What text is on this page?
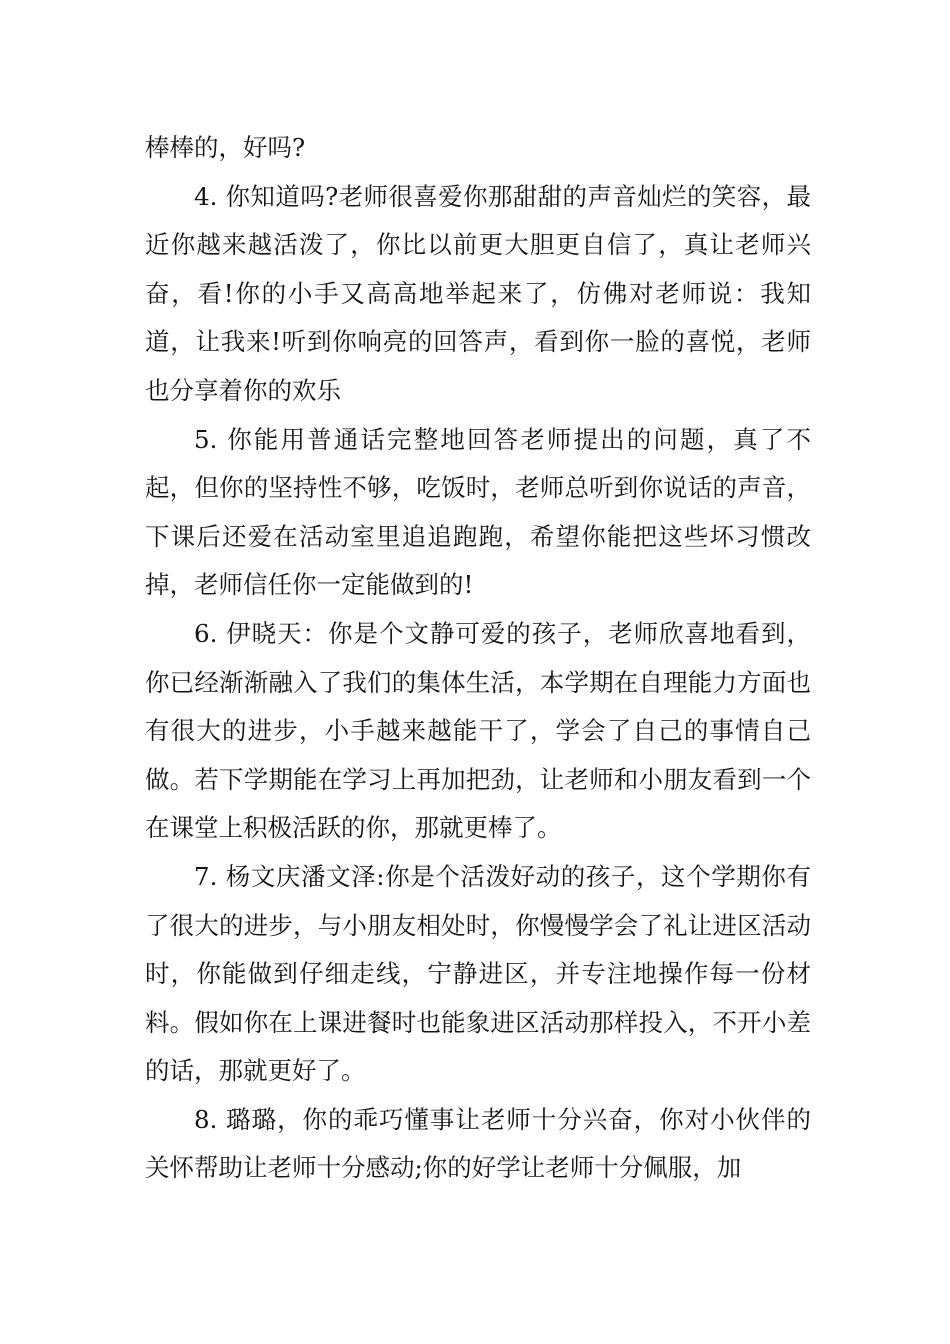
棒棒的，好吗?

4. 你知道吗?老师很喜爱你那甜甜的声音灿烂的笑容，最近你越来越活泼了，你比以前更大胆更自信了，真让老师兴奋，看!你的小手又高高地举起来了，仿佛对老师说：我知道，让我来!听到你响亮的回答声，看到你一脸的喜悦，老师也分享着你的欢乐

5. 你能用普通话完整地回答老师提出的问题，真了不起，但你的坚持性不够，吃饭时，老师总听到你说话的声音，下课后还爱在活动室里追追跑跑，希望你能把这些坏习惯改掉，老师信任你一定能做到的!

6. 伊晓天：你是个文静可爱的孩子，老师欣喜地看到，你已经渐渐融入了我们的集体生活，本学期在自理能力方面也有很大的进步，小手越来越能干了，学会了自己的事情自己做。若下学期能在学习上再加把劲，让老师和小朋友看到一个在课堂上积极活跃的你，那就更棒了。

7. 杨文庆潘文泽:你是个活泼好动的孩子，这个学期你有了很大的进步，与小朋友相处时，你慢慢学会了礼让进区活动时，你能做到仔细走线，宁静进区，并专注地操作每一份材料。假如你在上课进餐时也能象进区活动那样投入，不开小差的话，那就更好了。

8. 璐璐，你的乖巧懂事让老师十分兴奋，你对小伙伴的关怀帮助让老师十分感动;你的好学让老师十分佩服，加
